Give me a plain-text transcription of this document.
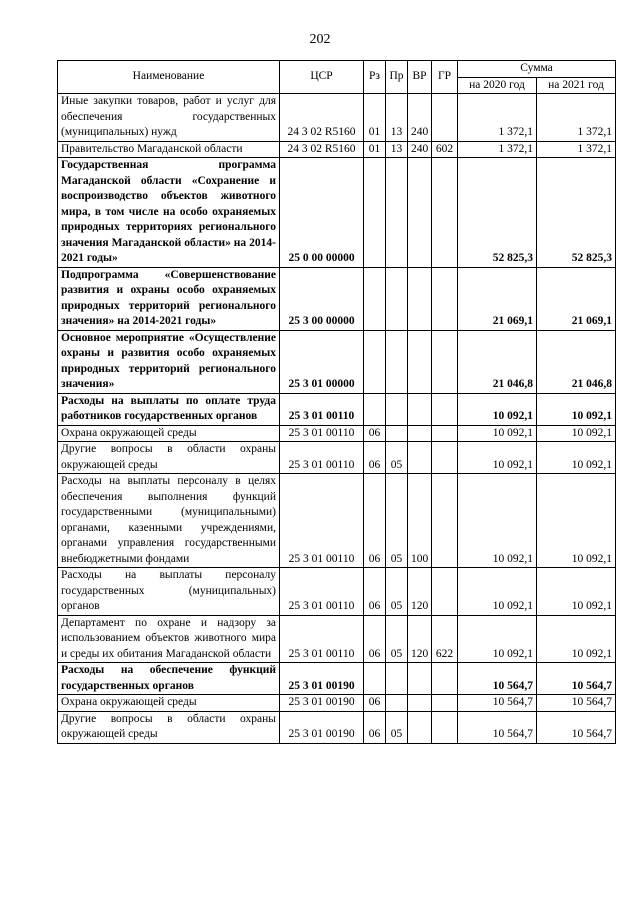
202
Наименование	ЦСР	Рз	Пр	ВР	ГР	Сумма	
						на 2020 год	на 2021 год
Иные закупки товаров, работ и услуг для обеспечения государственных (муниципальных) нужд	24 3 02 R5160	01	13	240		1 372,1	1 372,1
Правительство Магаданской области	24 3 02 R5160	01	13	240	602	1 372,1	1 372,1
Государственная программа Магаданской области «Сохранение и воспроизводство объектов животного мира, в том числе на особо охраняемых природных территориях регионального значения Магаданской области» на 2014-2021 годы»	25 0 00 00000					52 825,3	52 825,3
Подпрограмма «Совершенствование развития и охраны особо охраняемых природных территорий регионального значения» на 2014-2021 годы»	25 3 00 00000					21 069,1	21 069,1
Основное мероприятие «Осуществление охраны и развития особо охраняемых природных территорий регионального значения»	25 3 01 00000					21 046,8	21 046,8
Расходы на выплаты по оплате труда работников государственных органов	25 3 01 00110					10 092,1	10 092,1
Охрана окружающей среды	25 3 01 00110	06				10 092,1	10 092,1
Другие вопросы в области охраны окружающей среды	25 3 01 00110	06	05			10 092,1	10 092,1
Расходы на выплаты персоналу в целях обеспечения выполнения функций государственными (муниципальными) органами, казенными учреждениями, органами управления государственными внебюджетными фондами	25 3 01 00110	06	05	100		10 092,1	10 092,1
Расходы на выплаты персоналу государственных (муниципальных) органов	25 3 01 00110	06	05	120		10 092,1	10 092,1
Департамент по охране и надзору за использованием объектов животного мира и среды их обитания Магаданской области	25 3 01 00110	06	05	120	622	10 092,1	10 092,1
Расходы на обеспечение функций государственных органов	25 3 01 00190					10 564,7	10 564,7
Охрана окружающей среды	25 3 01 00190	06				10 564,7	10 564,7
Другие вопросы в области охраны окружающей среды	25 3 01 00190	06	05			10 564,7	10 564,7
